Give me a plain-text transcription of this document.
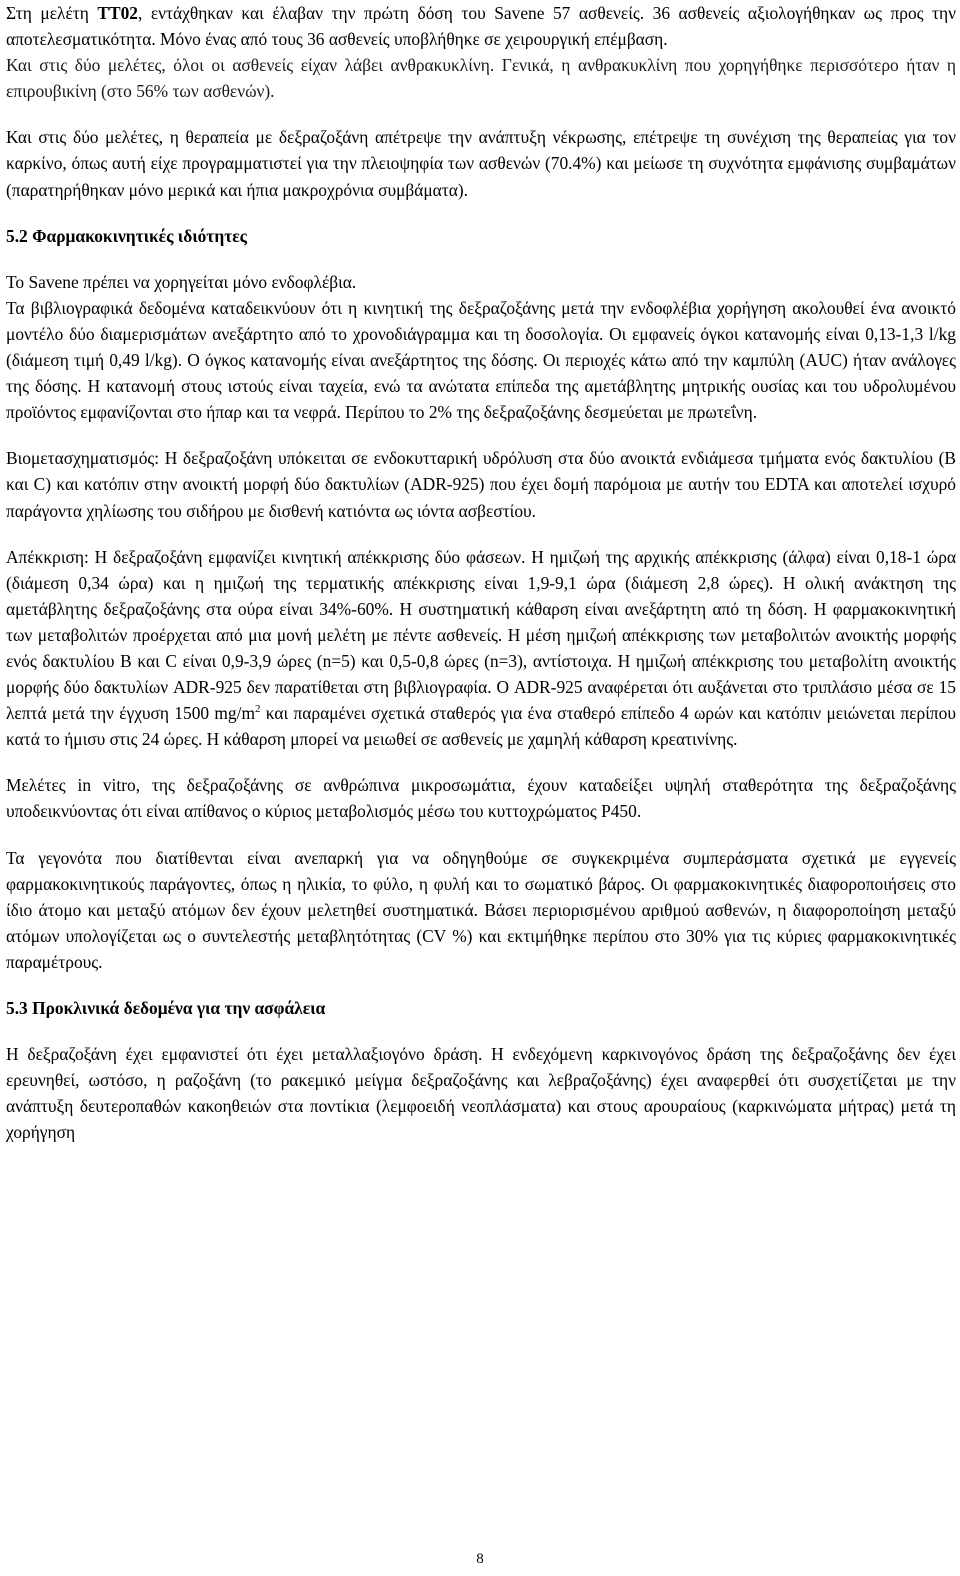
Στη μελέτη ΤΤ02, εντάχθηκαν και έλαβαν την πρώτη δόση του Savene 57 ασθενείς. 36 ασθενείς αξιολογήθηκαν ως προς την αποτελεσματικότητα. Μόνο ένας από τους 36 ασθενείς υποβλήθηκε σε χειρουργική επέμβαση.

Και στις δύο μελέτες, όλοι οι ασθενείς είχαν λάβει ανθρακυκλίνη. Γενικά, η ανθρακυκλίνη που χορηγήθηκε περισσότερο ήταν η επιρουβικίνη (στο 56% των ασθενών).

Και στις δύο μελέτες, η θεραπεία με δεξραζοξάνη απέτρεψε την ανάπτυξη νέκρωσης, επέτρεψε τη συνέχιση της θεραπείας για τον καρκίνο, όπως αυτή είχε προγραμματιστεί για την πλειοψηφία των ασθενών (70.4%) και μείωσε τη συχνότητα εμφάνισης συμβαμάτων (παρατηρήθηκαν μόνο μερικά και ήπια μακροχρόνια συμβάματα).

5.2 Φαρμακοκινητικές ιδιότητες

Το Savene πρέπει να χορηγείται μόνο ενδοφλέβια.

Τα βιβλιογραφικά δεδομένα καταδεικνύουν ότι η κινητική της δεξραζοξάνης μετά την ενδοφλέβια χορήγηση ακολουθεί ένα ανοικτό μοντέλο δύο διαμερισμάτων ανεξάρτητο από το χρονοδιάγραμμα και τη δοσολογία. Οι εμφανείς όγκοι κατανομής είναι 0,13-1,3 l/kg (διάμεση τιμή 0,49 l/kg). Ο όγκος κατανομής είναι ανεξάρτητος της δόσης. Οι περιοχές κάτω από την καμπύλη (AUC) ήταν ανάλογες της δόσης. Η κατανομή στους ιστούς είναι ταχεία, ενώ τα ανώτατα επίπεδα της αμετάβλητης μητρικής ουσίας και του υδρολυμένου προϊόντος εμφανίζονται στο ήπαρ και τα νεφρά. Περίπου το 2% της δεξραζοξάνης δεσμεύεται με πρωτεΐνη.

Βιομετασχηματισμός: Η δεξραζοξάνη υπόκειται σε ενδοκυτταρική υδρόλυση στα δύο ανοικτά ενδιάμεσα τμήματα ενός δακτυλίου (B και C) και κατόπιν στην ανοικτή μορφή δύο δακτυλίων (ADR-925) που έχει δομή παρόμοια με αυτήν του EDTA και αποτελεί ισχυρό παράγοντα χηλίωσης του σιδήρου με δισθενή κατιόντα ως ιόντα ασβεστίου.

Απέκκριση: Η δεξραζοξάνη εμφανίζει κινητική απέκκρισης δύο φάσεων. Η ημιζωή της αρχικής απέκκρισης (άλφα) είναι 0,18-1 ώρα (διάμεση 0,34 ώρα) και η ημιζωή της τερματικής απέκκρισης είναι 1,9-9,1 ώρα (διάμεση 2,8 ώρες). Η ολική ανάκτηση της αμετάβλητης δεξραζοξάνης στα ούρα είναι 34%-60%. Η συστηματική κάθαρση είναι ανεξάρτητη από τη δόση. Η φαρμακοκινητική των μεταβολιτών προέρχεται από μια μονή μελέτη με πέντε ασθενείς. Η μέση ημιζωή απέκκρισης των μεταβολιτών ανοικτής μορφής ενός δακτυλίου B και C είναι 0,9-3,9 ώρες (n=5) και 0,5-0,8 ώρες (n=3), αντίστοιχα. Η ημιζωή απέκκρισης του μεταβολίτη ανοικτής μορφής δύο δακτυλίων ADR-925 δεν παρατίθεται στη βιβλιογραφία. Ο ADR-925 αναφέρεται ότι αυξάνεται στο τριπλάσιο μέσα σε 15 λεπτά μετά την έγχυση 1500 $mg/m^2$ και παραμένει σχετικά σταθερός για ένα σταθερό επίπεδο 4 ωρών και κατόπιν μειώνεται περίπου κατά το ήμισυ στις 24 ώρες. Η κάθαρση μπορεί να μειωθεί σε ασθενείς με χαμηλή κάθαρση κρεατινίνης.

Μελέτες in vitro, της δεξραζοξάνης σε ανθρώπινα μικροσωμάτια, έχουν καταδείξει υψηλή σταθερότητα της δεξραζοξάνης υποδεικνύοντας ότι είναι απίθανος ο κύριος μεταβολισμός μέσω του κυττοχρώματος P450.

Τα γεγονότα που διατίθενται είναι ανεπαρκή για να οδηγηθούμε σε συγκεκριμένα συμπεράσματα σχετικά με εγγενείς φαρμακοκινητικούς παράγοντες, όπως η ηλικία, το φύλο, η φυλή και το σωματικό βάρος. Οι φαρμακοκινητικές διαφοροποιήσεις στο ίδιο άτομο και μεταξύ ατόμων δεν έχουν μελετηθεί συστηματικά. Βάσει περιορισμένου αριθμού ασθενών, η διαφοροποίηση μεταξύ ατόμων υπολογίζεται ως ο συντελεστής μεταβλητότητας (CV %) και εκτιμήθηκε περίπου στο 30% για τις κύριες φαρμακοκινητικές παραμέτρους.

5.3 Προκλινικά δεδομένα για την ασφάλεια

Η δεξραζοξάνη έχει εμφανιστεί ότι έχει μεταλλαξιογόνο δράση. Η ενδεχόμενη καρκινογόνος δράση της δεξραζοξάνης δεν έχει ερευνηθεί, ωστόσο, η ραζοξάνη (το ρακεμικό μείγμα δεξραζοξάνης και λεβραζοξάνης) έχει αναφερθεί ότι συσχετίζεται με την ανάπτυξη δευτεροπαθών κακοηθειών στα ποντίκια (λεμφοειδή νεοπλάσματα) και στους αρουραίους (καρκινώματα μήτρας) μετά τη χορήγηση

8
